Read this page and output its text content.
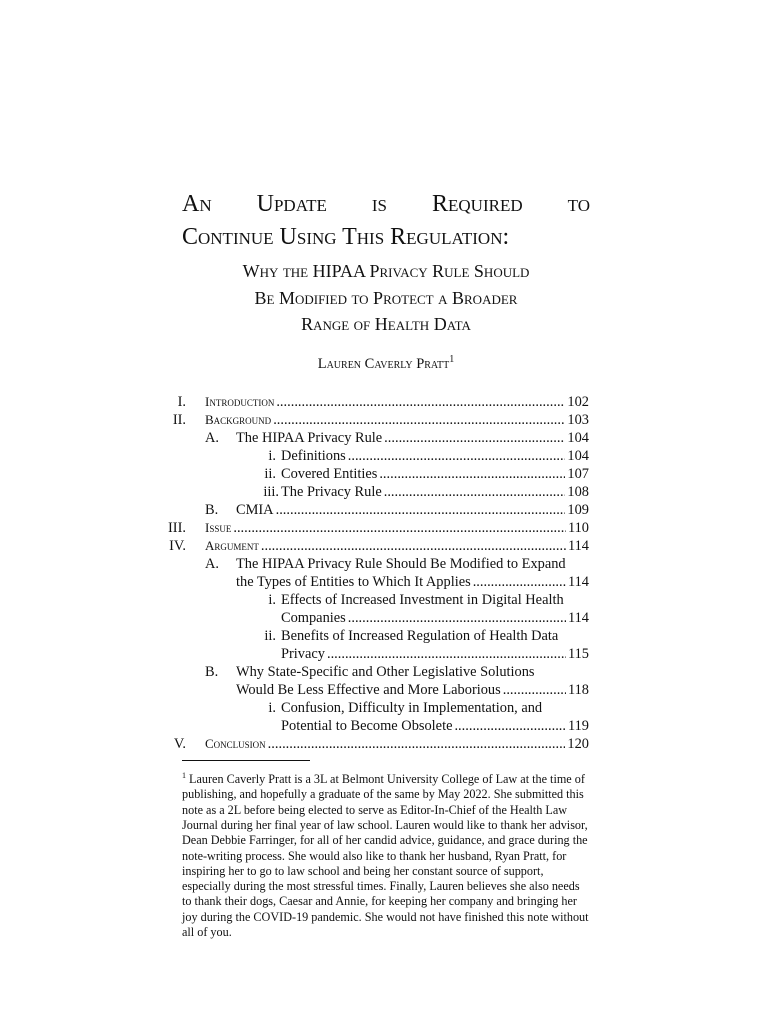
An Update is Required to
Continue Using This Regulation:
Why the HIPAA Privacy Rule Should
Be Modified to Protect a Broader
Range of Health Data
Lauren Caverly Pratt$^1$
I. Introduction .....	102
II. Background .....	103
A. The HIPAA Privacy Rule .....	104
i. Definitions .....	104
ii. Covered Entities .....	107
iii. The Privacy Rule .....	108
B. CMIA .....	109
III. Issue .....	110
IV. Argument .....	114
A. The HIPAA Privacy Rule Should Be Modified to Expand
the Types of Entities to Which It Applies .....	114
i. Effects of Increased Investment in Digital Health
Companies .....	114
ii. Benefits of Increased Regulation of Health Data
Privacy .....	115
B. Why State-Specific and Other Legislative Solutions
Would Be Less Effective and More Laborious .....	118
i. Confusion, Difficulty in Implementation, and
Potential to Become Obsolete .....	119
V. Conclusion .....	120
$^1$ Lauren Caverly Pratt is a 3L at Belmont University College of Law at the time of publishing, and hopefully a graduate of the same by May 2022. She submitted this note as a 2L before being elected to serve as Editor-In-Chief of the Health Law Journal during her final year of law school. Lauren would like to thank her advisor, Dean Debbie Farringer, for all of her candid advice, guidance, and grace during the note-writing process. She would also like to thank her husband, Ryan Pratt, for inspiring her to go to law school and being her constant source of support, especially during the most stressful times. Finally, Lauren believes she also needs to thank their dogs, Caesar and Annie, for keeping her company and bringing her joy during the COVID-19 pandemic. She would not have finished this note without all of you.
